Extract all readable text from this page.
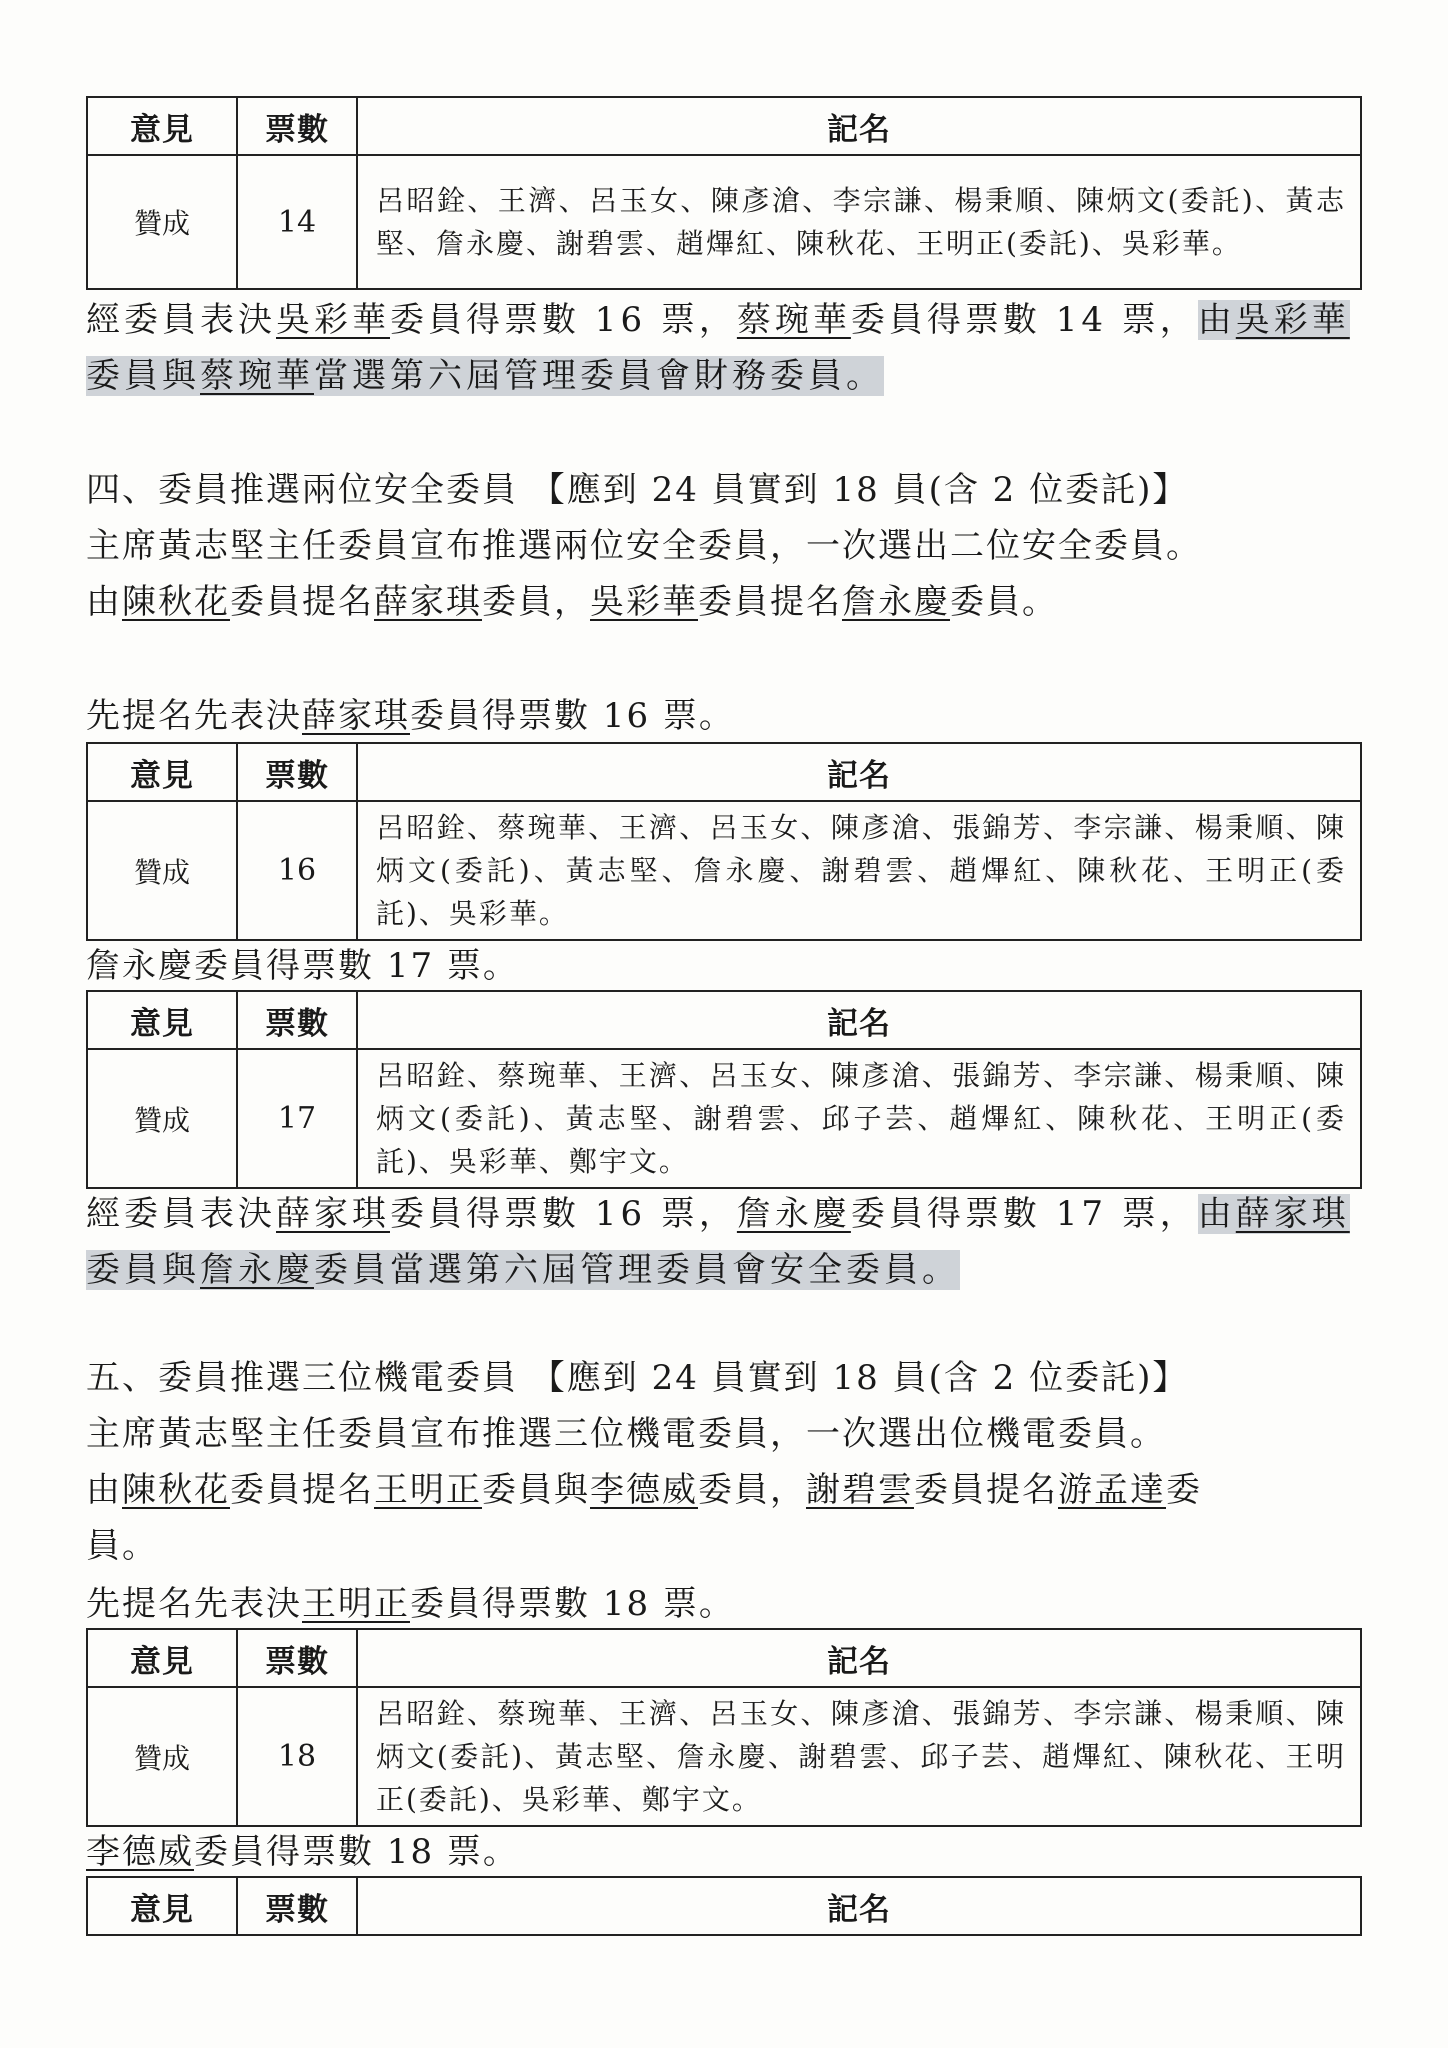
意見	票數	記名
贊成	14	呂昭銓、王濟、呂玉女、陳彥滄、李宗謙、楊秉順、陳炳文(委託)、黃志堅、詹永慶、謝碧雲、趙熚紅、陳秋花、王明正(委託)、吳彩華。
經委員表決吳彩華委員得票數 16 票，蔡琬華委員得票數 14 票，由吳彩華
委員與蔡琬華當選第六屆管理委員會財務委員。
四、委員推選兩位安全委員 【應到 24 員實到 18 員(含 2 位委託)】
主席黃志堅主任委員宣布推選兩位安全委員，一次選出二位安全委員。
由陳秋花委員提名薛家琪委員，吳彩華委員提名詹永慶委員。
先提名先表決薛家琪委員得票數 16 票。
意見	票數	記名
贊成	16	呂昭銓、蔡琬華、王濟、呂玉女、陳彥滄、張錦芳、李宗謙、楊秉順、陳炳文(委託)、黃志堅、詹永慶、謝碧雲、趙熚紅、陳秋花、王明正(委託)、吳彩華。
詹永慶委員得票數 17 票。
意見	票數	記名
贊成	17	呂昭銓、蔡琬華、王濟、呂玉女、陳彥滄、張錦芳、李宗謙、楊秉順、陳炳文(委託)、黃志堅、謝碧雲、邱子芸、趙熚紅、陳秋花、王明正(委託)、吳彩華、鄭宇文。
經委員表決薛家琪委員得票數 16 票，詹永慶委員得票數 17 票，由薛家琪
委員與詹永慶委員當選第六屆管理委員會安全委員。
五、委員推選三位機電委員 【應到 24 員實到 18 員(含 2 位委託)】
主席黃志堅主任委員宣布推選三位機電委員，一次選出位機電委員。
由陳秋花委員提名王明正委員與李德威委員，謝碧雲委員提名游孟達委
員。
先提名先表決王明正委員得票數 18 票。
意見	票數	記名
贊成	18	呂昭銓、蔡琬華、王濟、呂玉女、陳彥滄、張錦芳、李宗謙、楊秉順、陳炳文(委託)、黃志堅、詹永慶、謝碧雲、邱子芸、趙熚紅、陳秋花、王明正(委託)、吳彩華、鄭宇文。
李德威委員得票數 18 票。
意見	票數	記名
